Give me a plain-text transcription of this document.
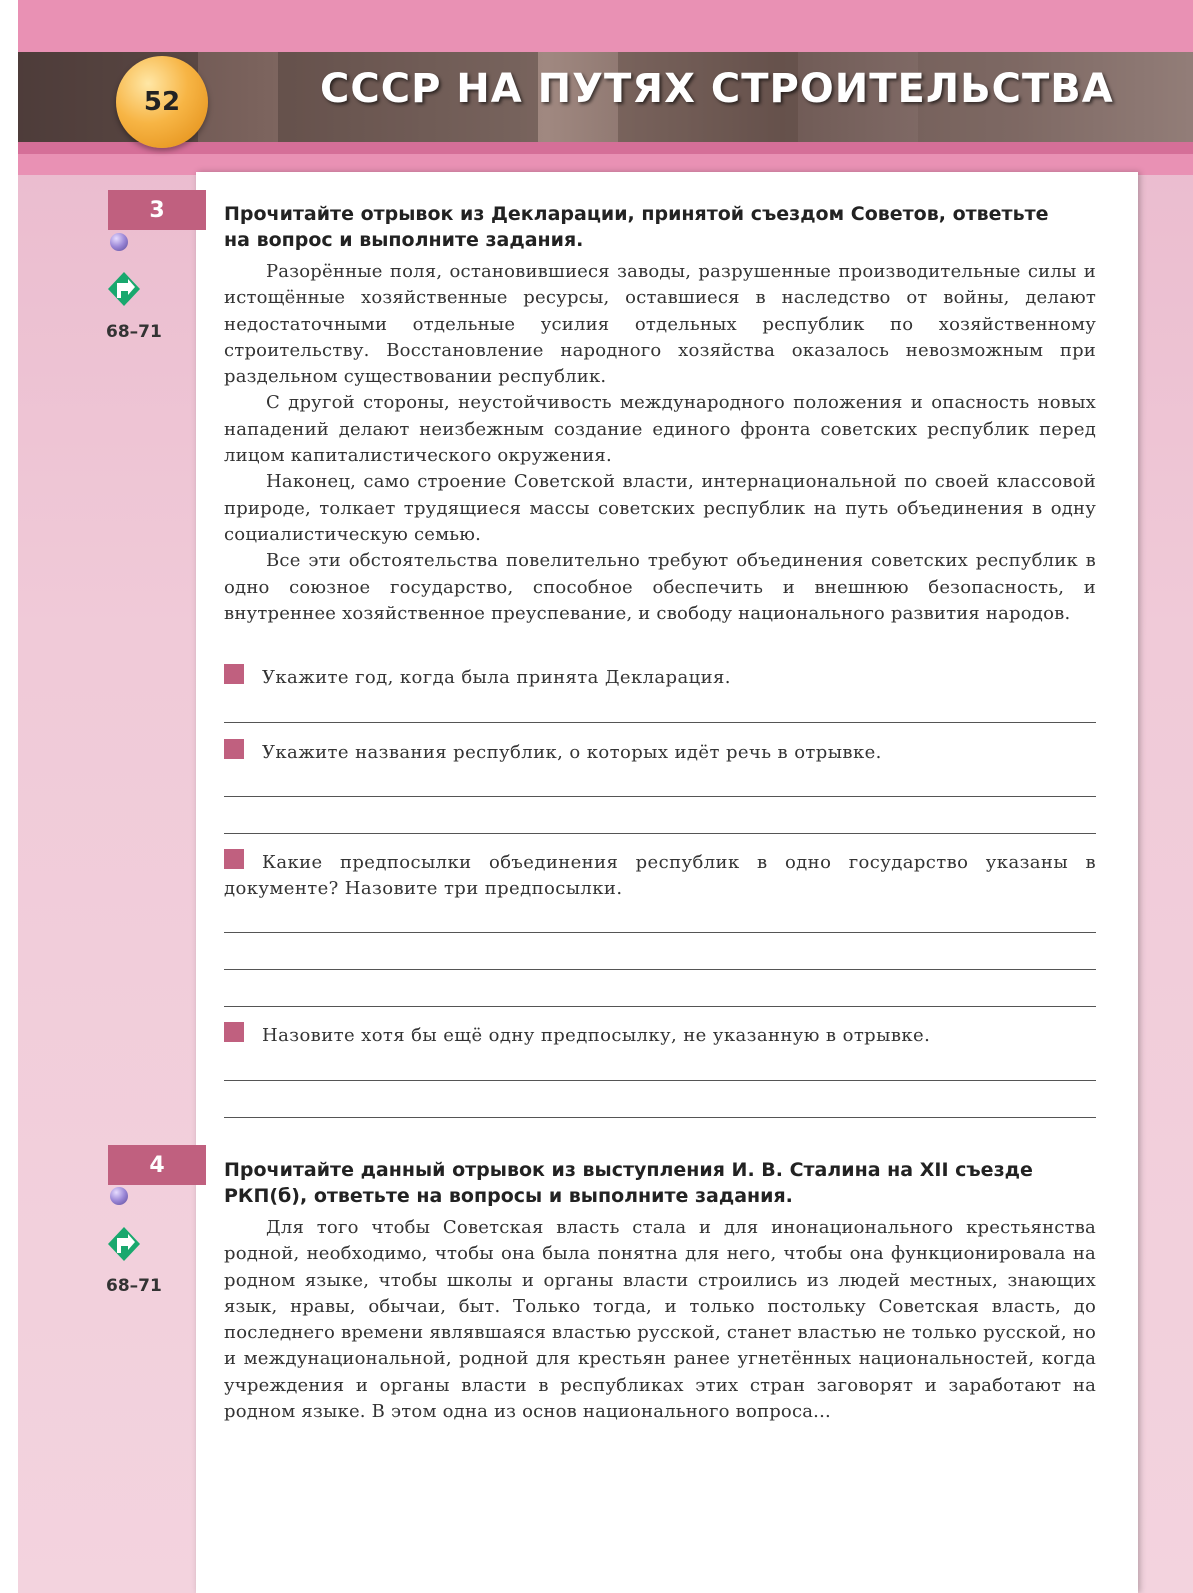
52	СССР НА ПУТЯХ СТРОИТЕЛЬСТВА
3
68–71
Прочитайте отрывок из Декларации, принятой съездом Советов, ответьте на вопрос и выполните задания.

Разорённые поля, остановившиеся заводы, разрушенные производительные силы и истощённые хозяйственные ресурсы, оставшиеся в наследство от войны, делают недостаточными отдельные усилия отдельных республик по хозяйственному строительству. Восстановление народного хозяйства оказалось невозможным при раздельном существовании республик.

С другой стороны, неустойчивость международного положения и опасность новых нападений делают неизбежным создание единого фронта советских республик перед лицом капиталистического окружения.

Наконец, само строение Советской власти, интернациональной по своей классовой природе, толкает трудящиеся массы советских республик на путь объединения в одну социалистическую семью.

Все эти обстоятельства повелительно требуют объединения советских республик в одно союзное государство, способное обеспечить и внешнюю безопасность, и внутреннее хозяйственное преуспевание, и свободу национального развития народов.

Укажите год, когда была принята Декларация.
Укажите названия республик, о которых идёт речь в отрывке.
Какие предпосылки объединения республик в одно государство указаны в документе? Назовите три предпосылки.
Назовите хотя бы ещё одну предпосылку, не указанную в отрывке.
4
68–71
Прочитайте данный отрывок из выступления И. В. Сталина на XII съезде РКП(б), ответьте на вопросы и выполните задания.

Для того чтобы Советская власть стала и для инонационального крестьянства родной, необходимо, чтобы она была понятна для него, чтобы она функционировала на родном языке, чтобы школы и органы власти строились из людей местных, знающих язык, нравы, обычаи, быт. Только тогда, и только постольку Советская власть, до последнего времени являвшаяся властью русской, станет властью не только русской, но и междунациональной, родной для крестьян ранее угнетённых национальностей, когда учреждения и органы власти в республиках этих стран заговорят и заработают на родном языке. В этом одна из основ национального вопроса...
